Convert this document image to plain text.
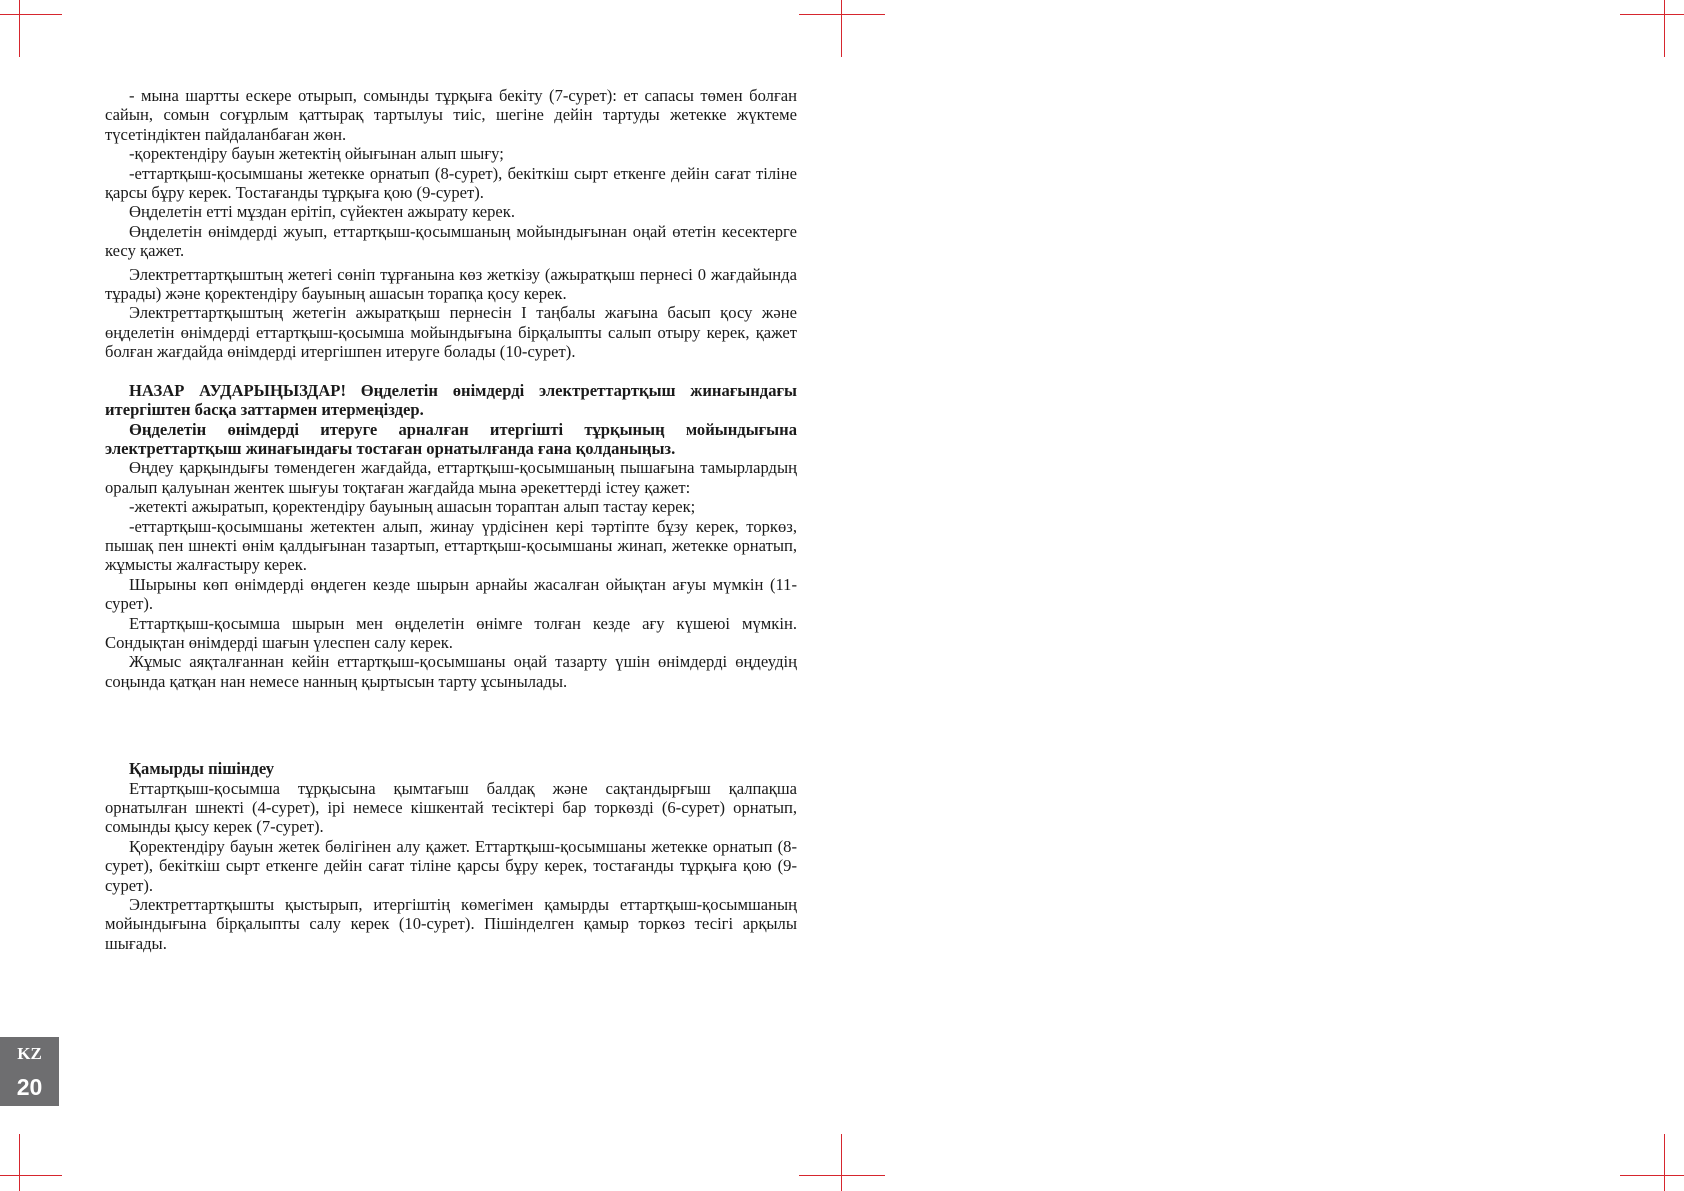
- мына шартты ескере отырып, сомынды тұрқыға бекіту (7-сурет): ет сапасы төмен болған сайын, сомын соғұрлым қаттырақ тартылуы тиіс, шегіне дейін тартуды жетекке жүктеме түсетіндіктен пайдаланбаған жөн.

-қоректендіру бауын жетектің ойығынан алып шығу;

-еттартқыш-қосымшаны жетекке орнатып (8-сурет), бекіткіш сырт еткенге дейін сағат тіліне қарсы бұру керек. Тостағанды тұрқыға қою (9-сурет).

Өңделетін етті мұздан ерітіп, сүйектен ажырату керек.

Өңделетін өнімдерді жуып, еттартқыш-қосымшаның мойындығынан оңай өтетін кесектерге кесу қажет.

Электреттартқыштың жетегі сөніп тұрғанына көз жеткізу (ажыратқыш пернесі 0 жағдайында тұрады) және қоректендіру бауының ашасын торапқа қосу керек.

Электреттартқыштың жетегін ажыратқыш пернесін I таңбалы жағына басып қосу және өңделетін өнімдерді еттартқыш-қосымша мойындығына бірқалыпты салып отыру керек, қажет болған жағдайда өнімдерді итергішпен итеруге болады (10-сурет).

НАЗАР АУДАРЫҢЫЗДАР! Өңделетін өнімдерді электреттартқыш жинағындағы итергіштен басқа заттармен итермеңіздер.

Өңделетін өнімдерді итеруге арналған итергішті тұрқының мойындығына электреттартқыш жинағындағы тостаған орнатылғанда ғана қолданыңыз.

Өңдеу қарқындығы төмендеген жағдайда, еттартқыш-қосымшаның пышағына тамырлардың оралып қалуынан жентек шығуы тоқтаған жағдайда мына әрекеттерді істеу қажет:

-жетекті ажыратып, қоректендіру бауының ашасын тораптан алып тастау керек;

-еттартқыш-қосымшаны жетектен алып, жинау үрдісінен кері тәртіпте бұзу керек, торкөз, пышақ пен шнекті өнім қалдығынан тазартып, еттартқыш-қосымшаны жинап, жетекке орнатып, жұмысты жалғастыру керек.

Шырыны көп өнімдерді өңдеген кезде шырын арнайы жасалған ойықтан ағуы мүмкін (11-сурет).

Еттартқыш-қосымша шырын мен өңделетін өнімге толған кезде ағу күшеюі мүмкін. Сондықтан өнімдерді шағын үлеспен салу керек.

Жұмыс аяқталғаннан кейін еттартқыш-қосымшаны оңай тазарту үшін өнімдерді өңдеудің соңында қатқан нан немесе нанның қыртысын тарту ұсынылады.

Қамырды пішіндеу

Еттартқыш-қосымша тұрқысына қымтағыш балдақ және сақтандырғыш қалпақша орнатылған шнекті (4-сурет), ірі немесе кішкентай тесіктері бар торкөзді (6-сурет) орнатып, сомынды қысу керек (7-сурет).

Қоректендіру бауын жетек бөлігінен алу қажет. Еттартқыш-қосымшаны жетекке орнатып (8-сурет), бекіткіш сырт еткенге дейін сағат тіліне қарсы бұру керек, тостағанды тұрқыға қою (9-сурет).

Электреттартқышты қыстырып, итергіштің көмегімен қамырды еттартқыш-қосымшаның мойындығына бірқалыпты салу керек (10-сурет). Пішінделген қамыр торкөз тесігі арқылы шығады.

KZ
20
